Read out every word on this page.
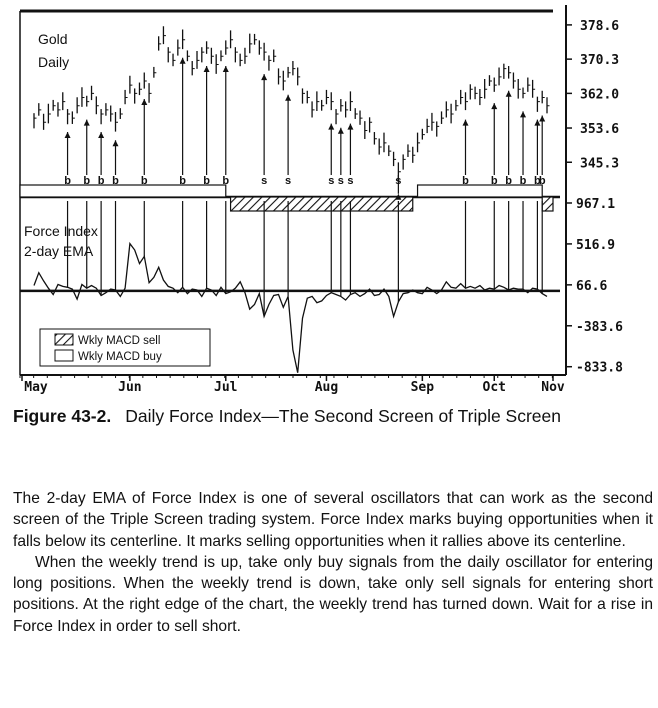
b b b b b	b b b	s s	s s s	s	b b b b b
b
378.6
370.3
362.0
353.6
345.3
967.1
516.9
66.6
-383.6
-833.8
May	Jun	Jul	Aug	Sep	Oct	Nov
Gold
Daily
Force Index
2-day EMA
Wkly MACD sell
Wkly MACD buy

Figure 43-2. Daily Force Index—The Second Screen of Triple Screen

The 2-day EMA of Force Index is one of several oscillators that can work as the second screen of the Triple Screen trading system. Force Index marks buying opportunities when it falls below its centerline. It marks selling opportunities when it rallies above its centerline.

When the weekly trend is up, take only buy signals from the daily oscillator for entering long positions. When the weekly trend is down, take only sell signals for entering short positions. At the right edge of the chart, the weekly trend has turned down. Wait for a rise in Force Index in order to sell short.
